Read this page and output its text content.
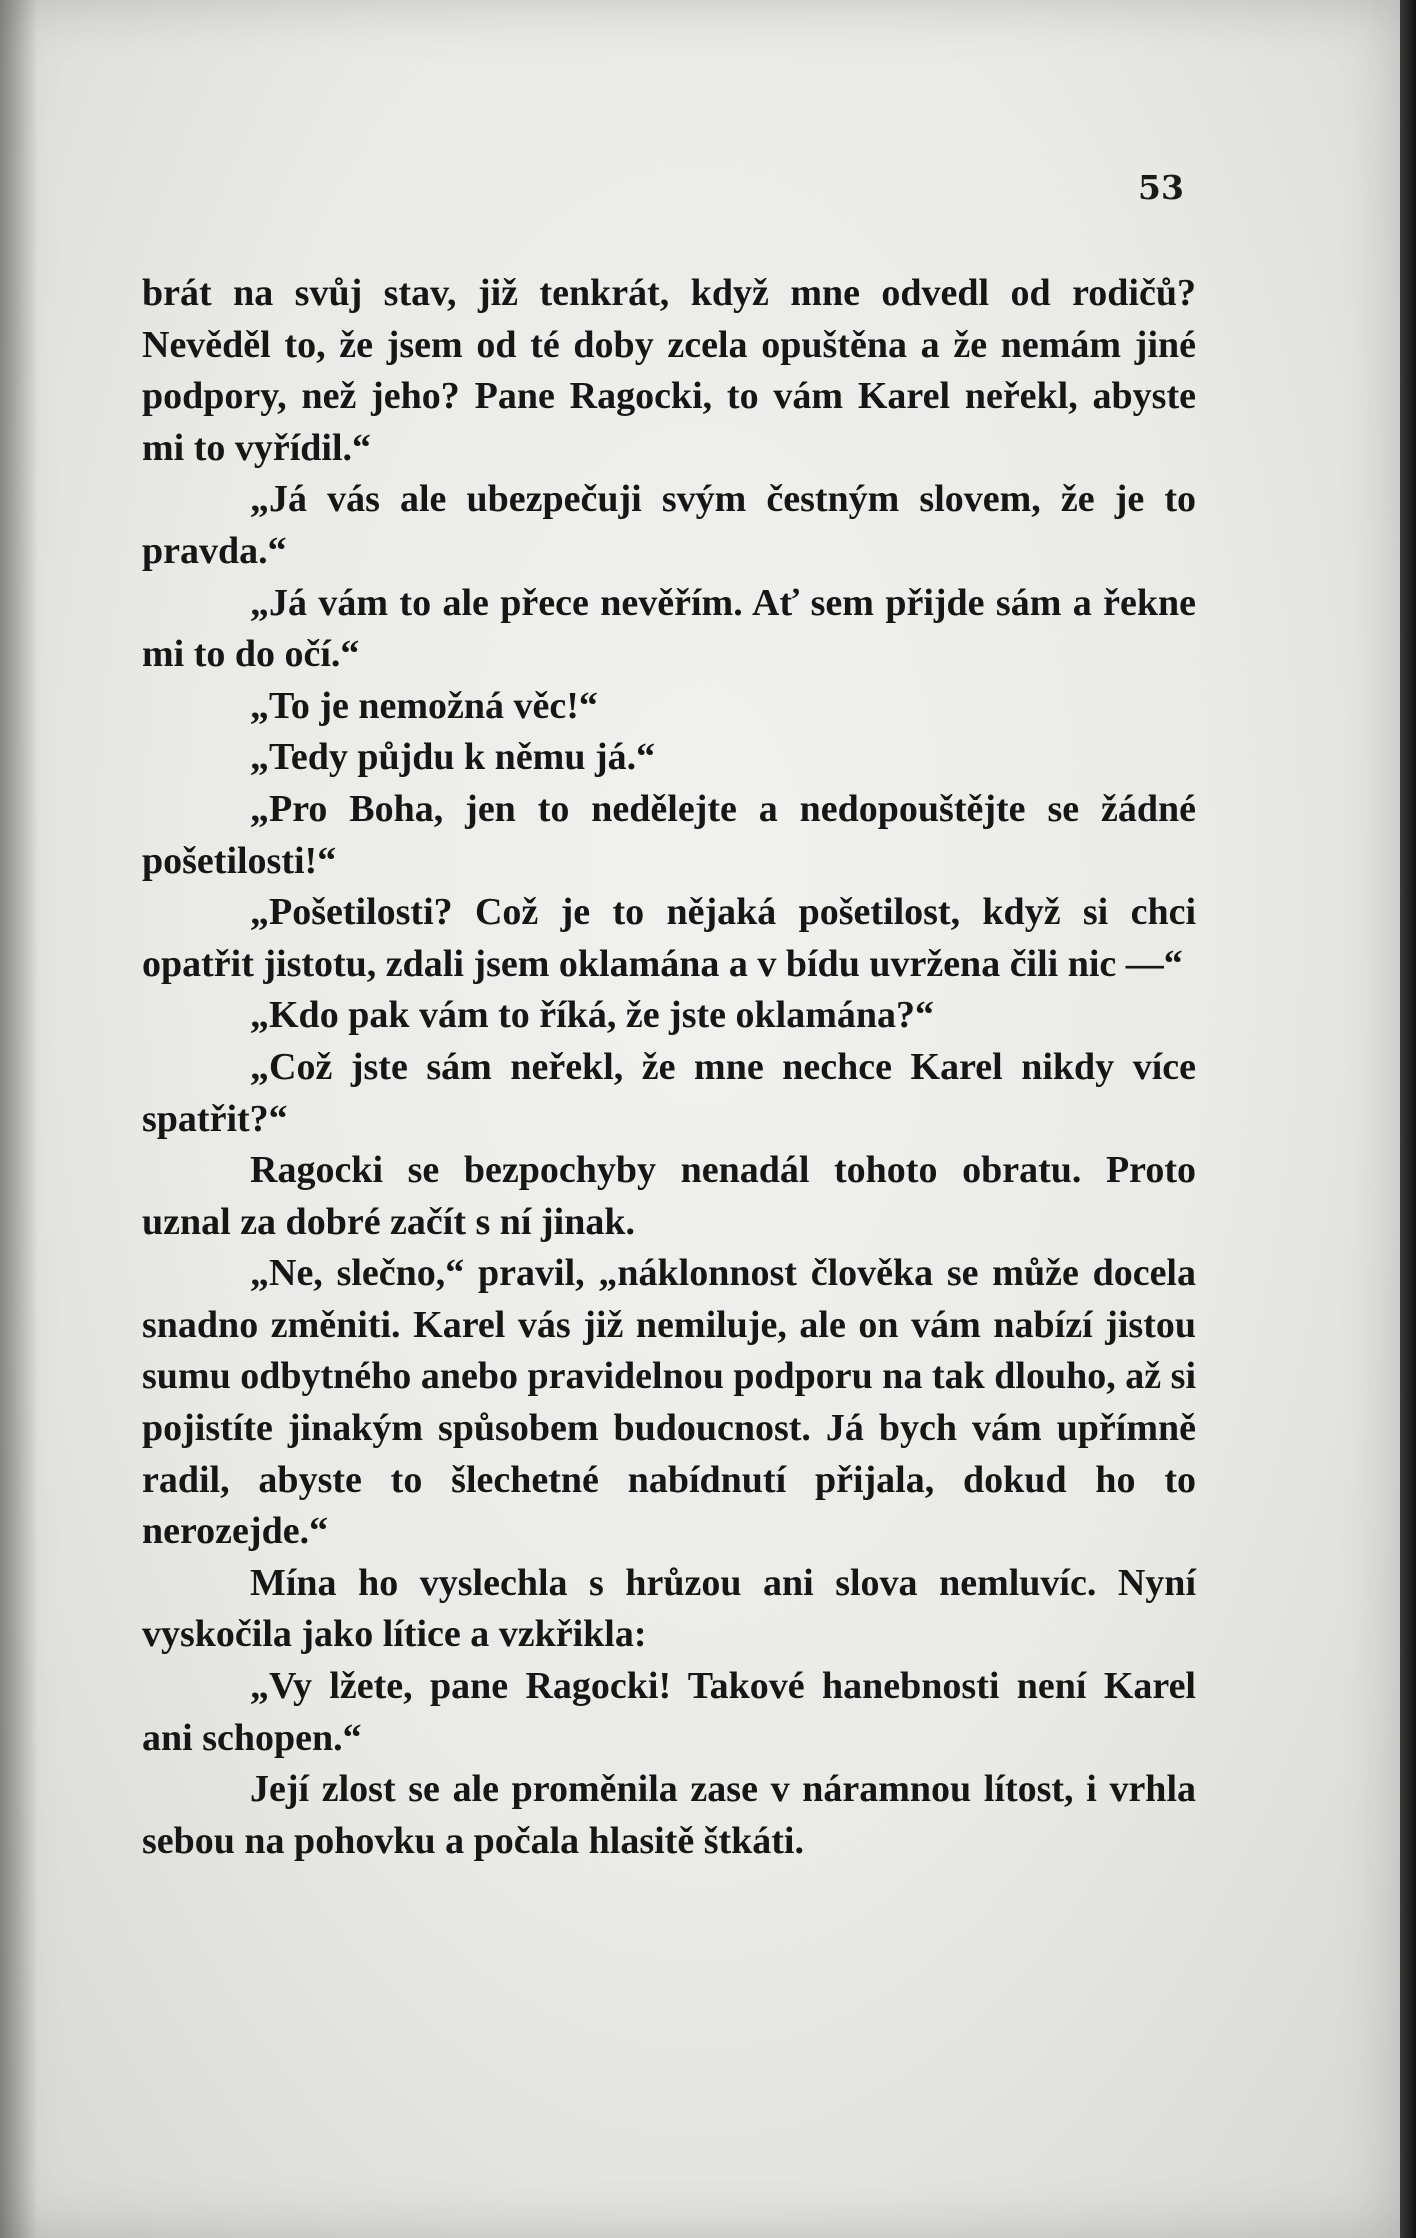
53

brát na svůj stav, již tenkrát, když mne odvedl od rodičů? Nevěděl to, že jsem od té doby zcela opuštěna a že nemám jiné podpory, než jeho? Pane Ragocki, to vám Karel neřekl, abyste mi to vyřídil.“

„Já vás ale ubezpečuji svým čestným slovem, že je to pravda.“

„Já vám to ale přece nevěřím. Ať sem přijde sám a řekne mi to do očí.“

„To je nemožná věc!“

„Tedy půjdu k němu já.“

„Pro Boha, jen to nedělejte a nedopouštějte se žádné pošetilosti!“

„Pošetilosti? Což je to nějaká pošetilost, když si chci opatřit jistotu, zdali jsem oklamána a v bídu uvržena čili nic —“

„Kdo pak vám to říká, že jste oklamána?“

„Což jste sám neřekl, že mne nechce Karel nikdy více spatřit?“

Ragocki se bezpochyby nenadál tohoto obratu. Proto uznal za dobré začít s ní jinak.

„Ne, slečno,“ pravil, „náklonnost člověka se může docela snadno změniti. Karel vás již nemiluje, ale on vám nabízí jistou sumu odbytného anebo pravidelnou podporu na tak dlouho, až si pojistíte jinakým spůsobem budoucnost. Já bych vám upřímně radil, abyste to šlechetné nabídnutí přijala, dokud ho to nerozejde.“

Mína ho vyslechla s hrůzou ani slova nemluvíc. Nyní vyskočila jako lítice a vzkřikla:

„Vy lžete, pane Ragocki! Takové hanebnosti není Karel ani schopen.“

Její zlost se ale proměnila zase v náramnou lítost, i vrhla sebou na pohovku a počala hlasitě štkáti.
